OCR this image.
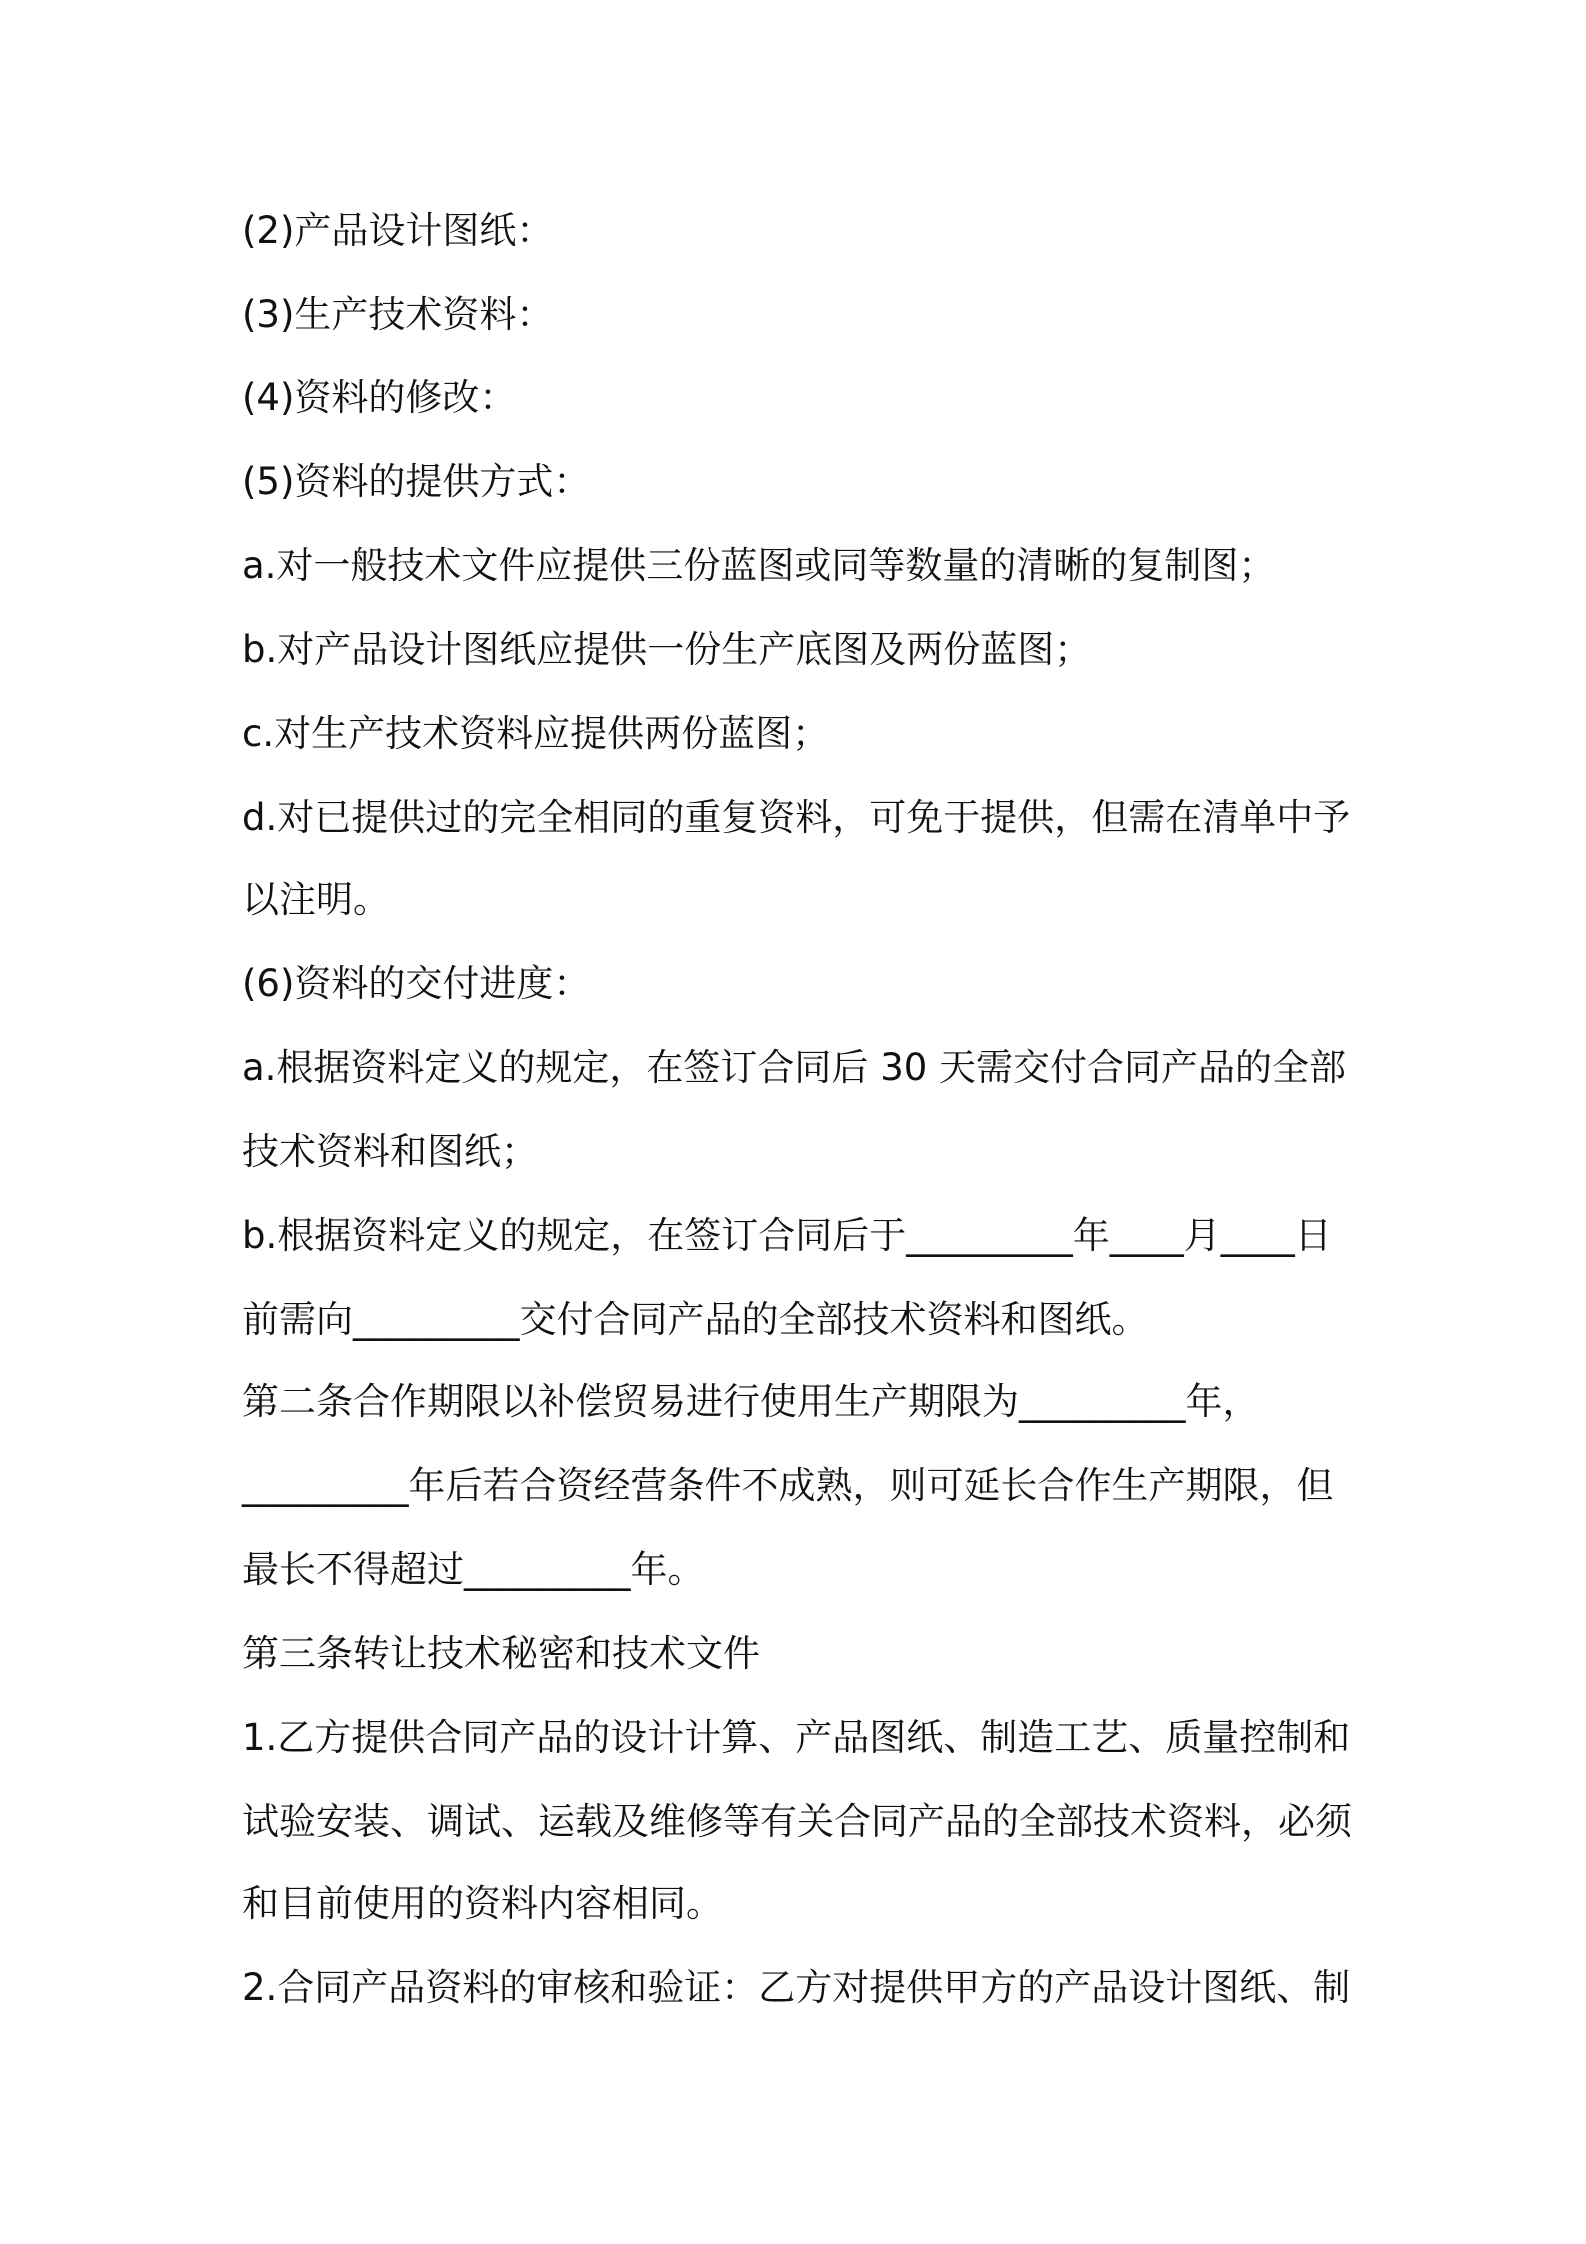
(2)产品设计图纸：
(3)生产技术资料：
(4)资料的修改：
(5)资料的提供方式：
a.对一般技术文件应提供三份蓝图或同等数量的清晰的复制图；
b.对产品设计图纸应提供一份生产底图及两份蓝图；
c.对生产技术资料应提供两份蓝图；
d.对已提供过的完全相同的重复资料，可免于提供，但需在清单中予
以注明。
(6)资料的交付进度：
a.根据资料定义的规定，在签订合同后 30 天需交付合同产品的全部
技术资料和图纸；
b.根据资料定义的规定，在签订合同后于_________年____月____日
前需向_________交付合同产品的全部技术资料和图纸。
第二条合作期限以补偿贸易进行使用生产期限为_________年，
_________年后若合资经营条件不成熟，则可延长合作生产期限，但
最长不得超过_________年。
第三条转让技术秘密和技术文件
1.乙方提供合同产品的设计计算、产品图纸、制造工艺、质量控制和
试验安装、调试、运载及维修等有关合同产品的全部技术资料，必须
和目前使用的资料内容相同。
2.合同产品资料的审核和验证：乙方对提供甲方的产品设计图纸、制
